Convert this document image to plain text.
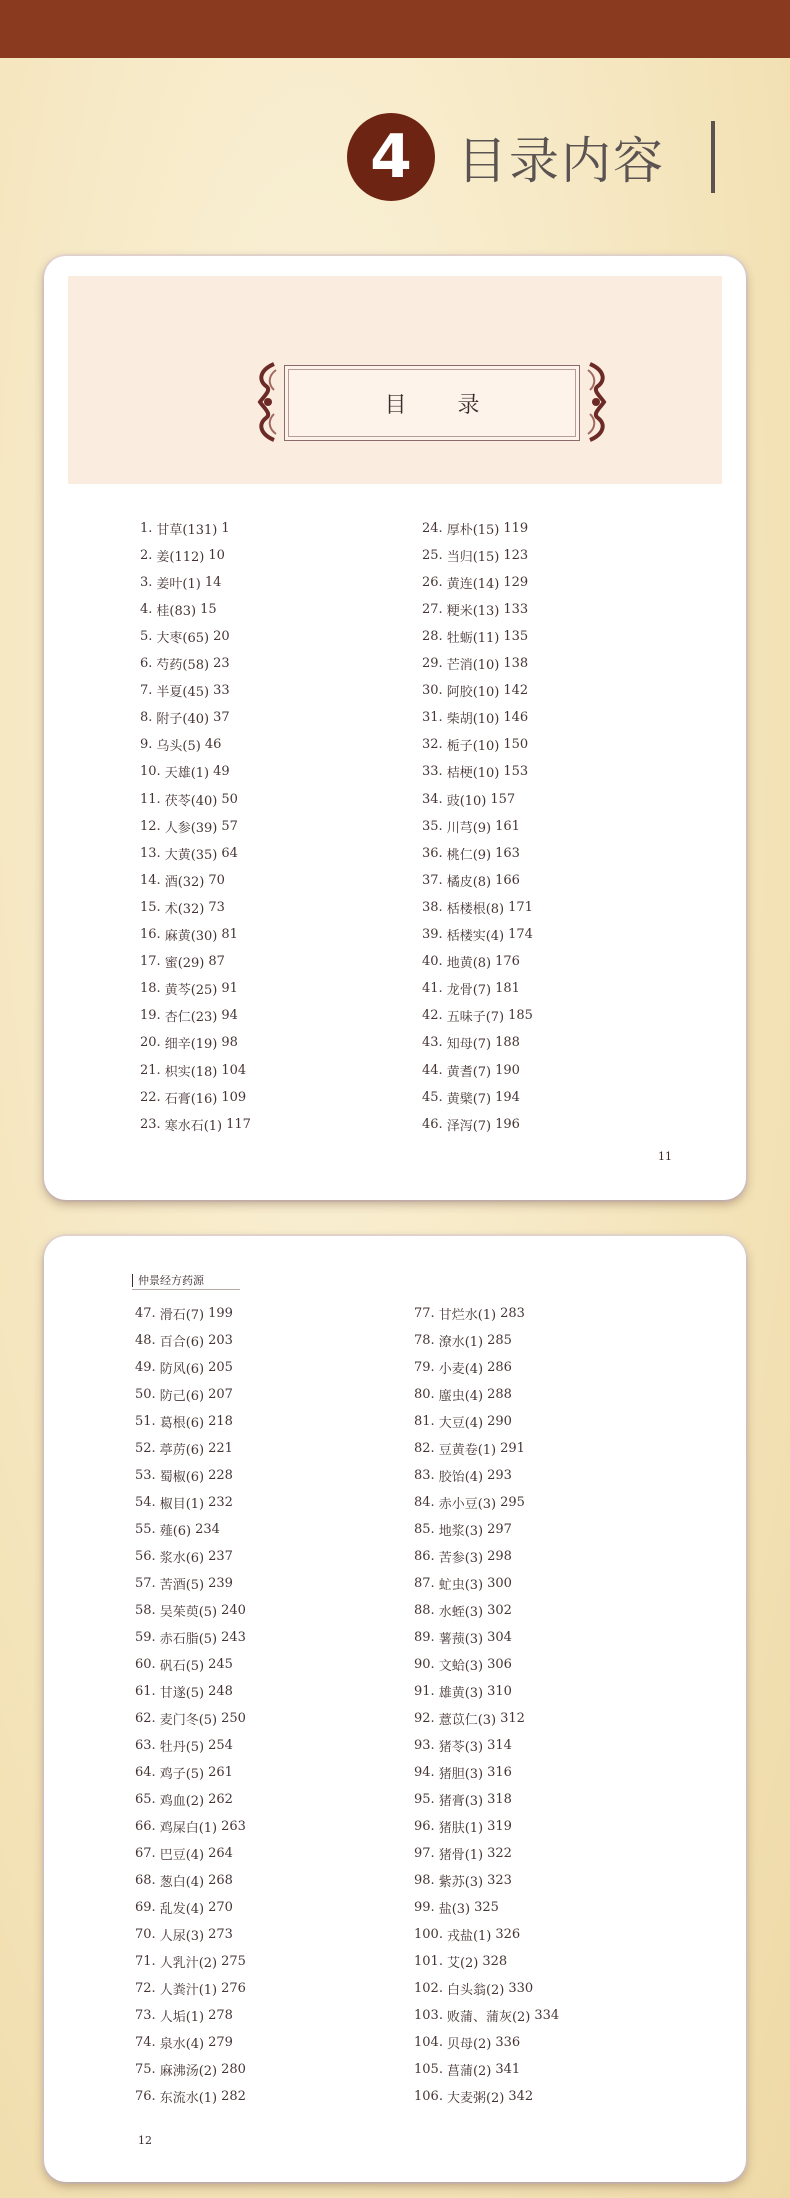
4 目录内容
目 录
1. 甘草(131) 1
2. 姜(112) 10
3. 姜叶(1) 14
4. 桂(83) 15
5. 大枣(65) 20
6. 芍药(58) 23
7. 半夏(45) 33
8. 附子(40) 37
9. 乌头(5) 46
10. 天雄(1) 49
11. 茯苓(40) 50
12. 人参(39) 57
13. 大黄(35) 64
14. 酒(32) 70
15. 术(32) 73
16. 麻黄(30) 81
17. 蜜(29) 87
18. 黄芩(25) 91
19. 杏仁(23) 94
20. 细辛(19) 98
21. 枳实(18) 104
22. 石膏(16) 109
23. 寒水石(1) 117
24. 厚朴(15) 119
25. 当归(15) 123
26. 黄连(14) 129
27. 粳米(13) 133
28. 牡蛎(11) 135
29. 芒消(10) 138
30. 阿胶(10) 142
31. 柴胡(10) 146
32. 栀子(10) 150
33. 桔梗(10) 153
34. 豉(10) 157
35. 川芎(9) 161
36. 桃仁(9) 163
37. 橘皮(8) 166
38. 栝楼根(8) 171
39. 栝楼实(4) 174
40. 地黄(8) 176
41. 龙骨(7) 181
42. 五味子(7) 185
43. 知母(7) 188
44. 黄耆(7) 190
45. 黄檗(7) 194
46. 泽泻(7) 196
11
仲景经方药源
47. 滑石(7) 199
48. 百合(6) 203
49. 防风(6) 205
50. 防己(6) 207
51. 葛根(6) 218
52. 葶苈(6) 221
53. 蜀椒(6) 228
54. 椒目(1) 232
55. 薤(6) 234
56. 浆水(6) 237
57. 苦酒(5) 239
58. 吴茱萸(5) 240
59. 赤石脂(5) 243
60. 矾石(5) 245
61. 甘遂(5) 248
62. 麦门冬(5) 250
63. 牡丹(5) 254
64. 鸡子(5) 261
65. 鸡血(2) 262
66. 鸡屎白(1) 263
67. 巴豆(4) 264
68. 葱白(4) 268
69. 乱发(4) 270
70. 人尿(3) 273
71. 人乳汁(2) 275
72. 人粪汁(1) 276
73. 人垢(1) 278
74. 泉水(4) 279
75. 麻沸汤(2) 280
76. 东流水(1) 282
77. 甘烂水(1) 283
78. 潦水(1) 285
79. 小麦(4) 286
80. 䗪虫(4) 288
81. 大豆(4) 290
82. 豆黄卷(1) 291
83. 胶饴(4) 293
84. 赤小豆(3) 295
85. 地浆(3) 297
86. 苦参(3) 298
87. 虻虫(3) 300
88. 水蛭(3) 302
89. 薯蓣(3) 304
90. 文蛤(3) 306
91. 雄黄(3) 310
92. 薏苡仁(3) 312
93. 猪苓(3) 314
94. 猪胆(3) 316
95. 猪膏(3) 318
96. 猪肤(1) 319
97. 猪骨(1) 322
98. 紫苏(3) 323
99. 盐(3) 325
100. 戎盐(1) 326
101. 艾(2) 328
102. 白头翁(2) 330
103. 败蒲、蒲灰(2) 334
104. 贝母(2) 336
105. 菖蒲(2) 341
106. 大麦粥(2) 342
12
